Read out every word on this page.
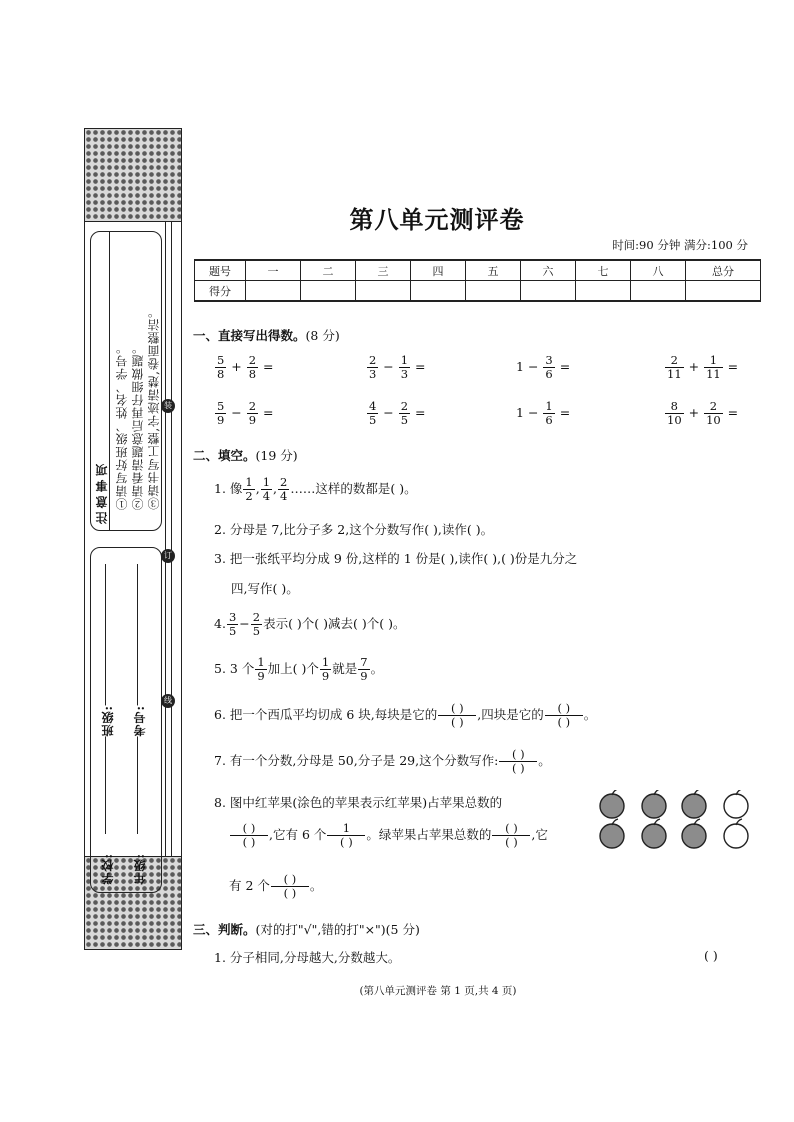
注意事项 ①请写好班级、姓名、学号。 ②请看清题意后再仔细做题。 ③请书写工整,字迹清楚,卷面整洁。
学校:
班级:
年级:
考号:
装
订
线
第八单元测评卷
时间:90 分钟 满分:100 分
题号	一	二	三	四	五	六	七	八	总分
得分									
一、直接写出得数。(8 分)
$\frac{5}{8} + \frac{2}{8}$ =	$\frac{2}{3} - \frac{1}{3}$ =	$1 - \frac{3}{6}$ =	$\frac{2}{11} + \frac{1}{11}$ =
$\frac{5}{9} - \frac{2}{9}$ =	$\frac{4}{5} - \frac{2}{5}$ =	$1 - \frac{1}{6}$ =	$\frac{8}{10} + \frac{2}{10}$ =
二、填空。(19 分)
1. 像 $\frac{1}{2}$ , $\frac{1}{4}$ , $\frac{2}{4}$ ……这样的数都是( )。
2. 分母是 7,比分子多 2,这个分数写作( ),读作( )。
3. 把一张纸平均分成 9 份,这样的 1 份是( ),读作( ),( )份是九分之
四,写作( )。
4. $\frac{3}{5} - \frac{2}{5}$ 表示( )个( )减去( )个( )。
5. 3 个 $\frac{1}{9}$ 加上( )个 $\frac{1}{9}$ 就是 $\frac{7}{9}$ 。
6. 把一个西瓜平均切成 6 块,每块是它的 $\frac{( )}{( )}$ ,四块是它的 $\frac{( )}{( )}$ 。
7. 有一个分数,分母是 50,分子是 29,这个分数写作: $\frac{( )}{( )}$ 。
8. 图中红苹果(涂色的苹果表示红苹果)占苹果总数的
$\frac{( )}{( )}$ ,它有 6 个 $\frac{1}{( )}$ 。绿苹果占苹果总数的 $\frac{( )}{( )}$ ,它
有 2 个 $\frac{( )}{( )}$ 。
三、判断。(对的打"√",错的打"×")(5 分)
1. 分子相同,分母越大,分数越大。	( )
(第八单元测评卷 第 1 页,共 4 页)
